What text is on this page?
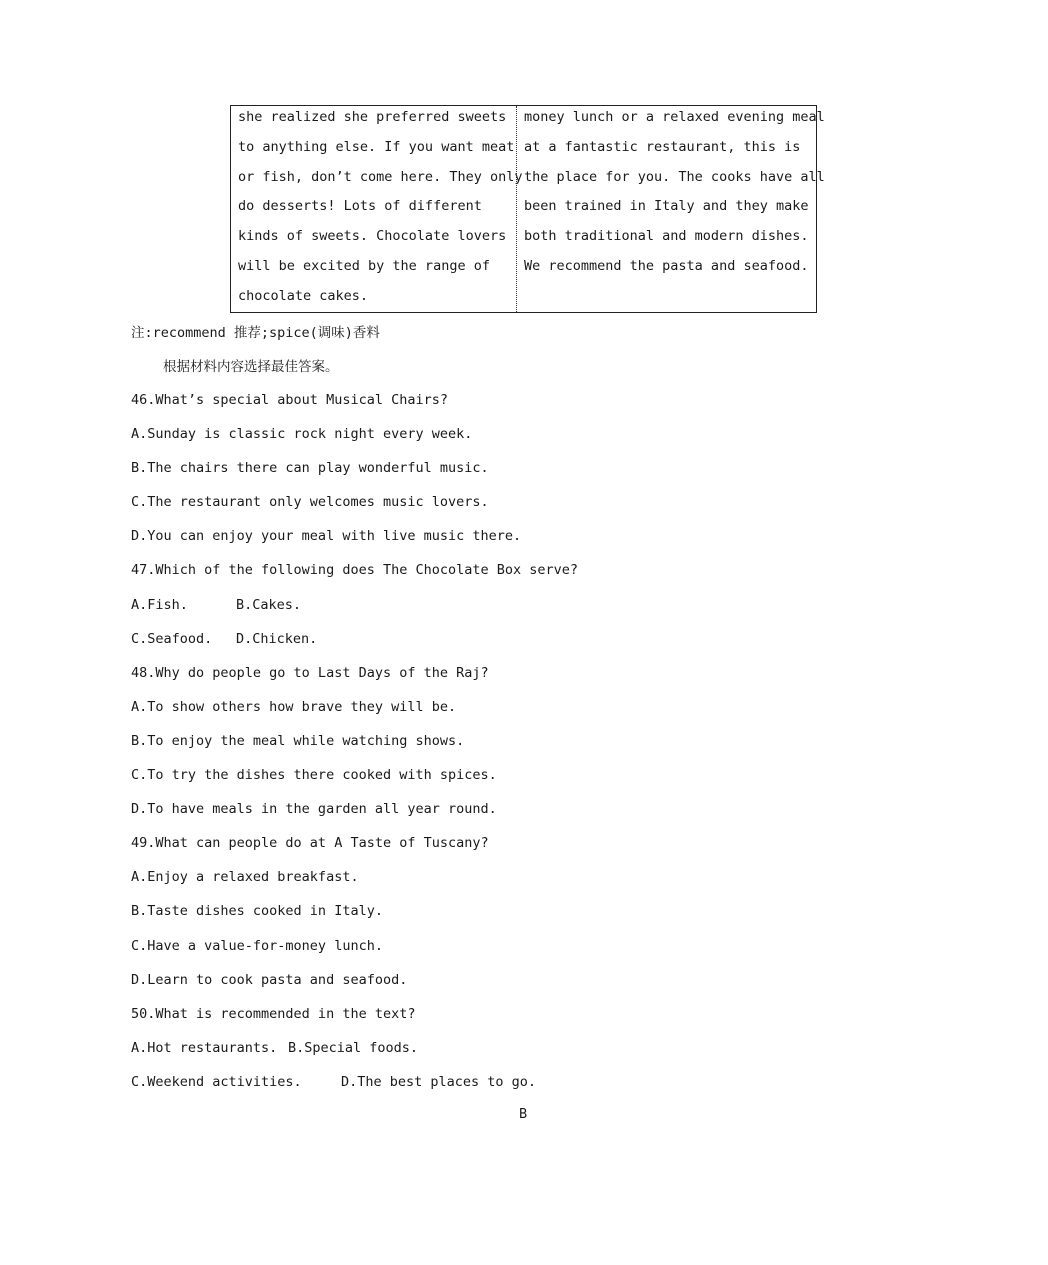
she realized she preferred sweets
to anything else. If you want meat
or fish, don’t come here. They only
do desserts! Lots of different
kinds of sweets. Chocolate lovers
will be excited by the range of
chocolate cakes.
money lunch or a relaxed evening meal
at a fantastic restaurant, this is
the place for you. The cooks have all
been trained in Italy and they make
both traditional and modern dishes.
We recommend the pasta and seafood.
注:recommend 推荐;spice(调味)香料
根据材料内容选择最佳答案。
46.What’s special about Musical Chairs?
A.Sunday is classic rock night every week.
B.The chairs there can play wonderful music.
C.The restaurant only welcomes music lovers.
D.You can enjoy your meal with live music there.
47.Which of the following does The Chocolate Box serve?
A.Fish.	B.Cakes.
C.Seafood. D.Chicken.
48.Why do people go to Last Days of the Raj?
A.To show others how brave they will be.
B.To enjoy the meal while watching shows.
C.To try the dishes there cooked with spices.
D.To have meals in the garden all year round.
49.What can people do at A Taste of Tuscany?
A.Enjoy a relaxed breakfast.
B.Taste dishes cooked in Italy.
C.Have a value-for-money lunch.
D.Learn to cook pasta and seafood.
50.What is recommended in the text?
A.Hot restaurants. B.Special foods.
C.Weekend activities.	D.The best places to go.
B
